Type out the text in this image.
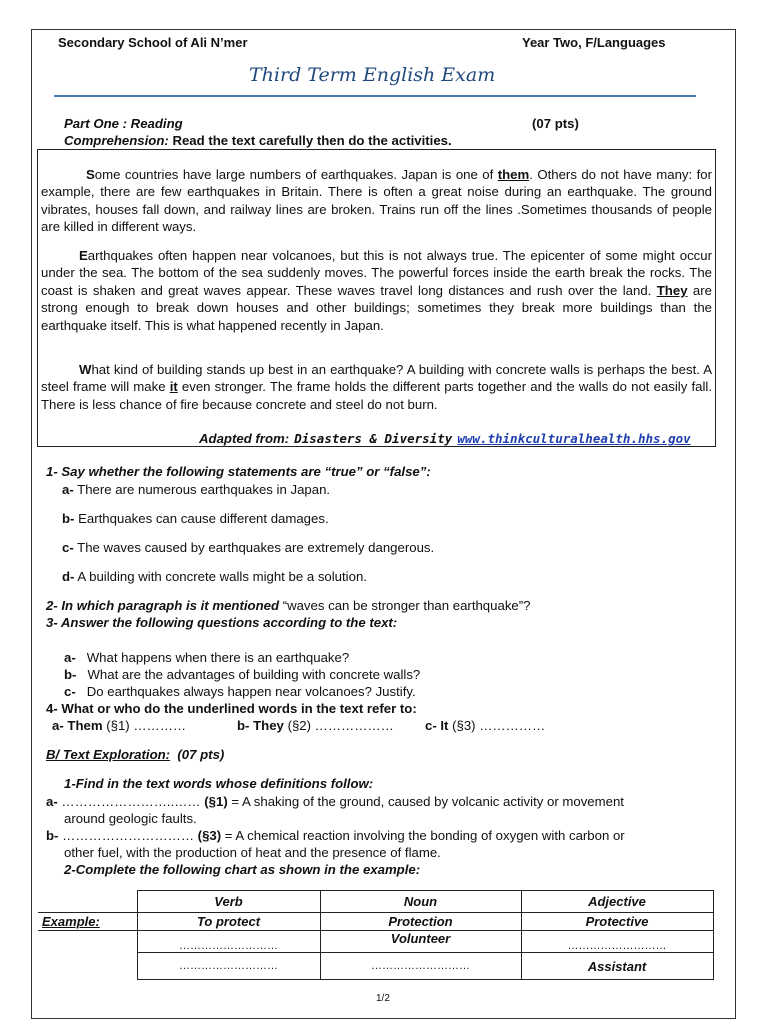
Secondary School of Ali N’mer	Year Two, F/Languages
Third Term English Exam
Part One : Reading	(07 pts)
Comprehension: Read the text carefully then do the activities.
Some countries have large numbers of earthquakes. Japan is one of them. Others do not have many: for example, there are few earthquakes in Britain. There is often a great noise during an earthquake. The ground vibrates, houses fall down, and railway lines are broken. Trains run off the lines .Sometimes thousands of people are killed in different ways.
Earthquakes often happen near volcanoes, but this is not always true. The epicenter of some might occur under the sea. The bottom of the sea suddenly moves. The powerful forces inside the earth break the rocks. The coast is shaken and great waves appear. These waves travel long distances and rush over the land. They are strong enough to break down houses and other buildings; sometimes they break more buildings than the earthquake itself. This is what happened recently in Japan.
What kind of building stands up best in an earthquake? A building with concrete walls is perhaps the best. A steel frame will make it even stronger. The frame holds the different parts together and the walls do not easily fall. There is less chance of fire because concrete and steel do not burn.
Adapted from: Disasters & Diversity www.thinkculturalhealth.hhs.gov
1- Say whether the following statements are “true” or “false”:
a- There are numerous earthquakes in Japan.
b- Earthquakes can cause different damages.
c- The waves caused by earthquakes are extremely dangerous.
d- A building with concrete walls might be a solution.
2- In which paragraph is it mentioned “waves can be stronger than earthquake”?
3- Answer the following questions according to the text:
a- What happens when there is an earthquake?
b- What are the advantages of building with concrete walls?
c- Do earthquakes always happen near volcanoes? Justify.
4- What or who do the underlined words in the text refer to:
a- Them (§1) …………	b- They (§2) ……………… c- It (§3) ……………
B/ Text Exploration: (07 pts)
1-Find in the text words whose definitions follow:
a- ……………………..…… (§1) = A shaking of the ground, caused by volcanic activity or movement
around geologic faults.
b- ………………………… (§3) = A chemical reaction involving the bonding of oxygen with carbon or
other fuel, with the production of heat and the presence of flame.
2-Complete the following chart as shown in the example:
	Verb	Noun	Adjective
Example:	To protect	Protection	Protective
	………………………	Volunteer	………………………
	………………………	………………………	Assistant
1/2
